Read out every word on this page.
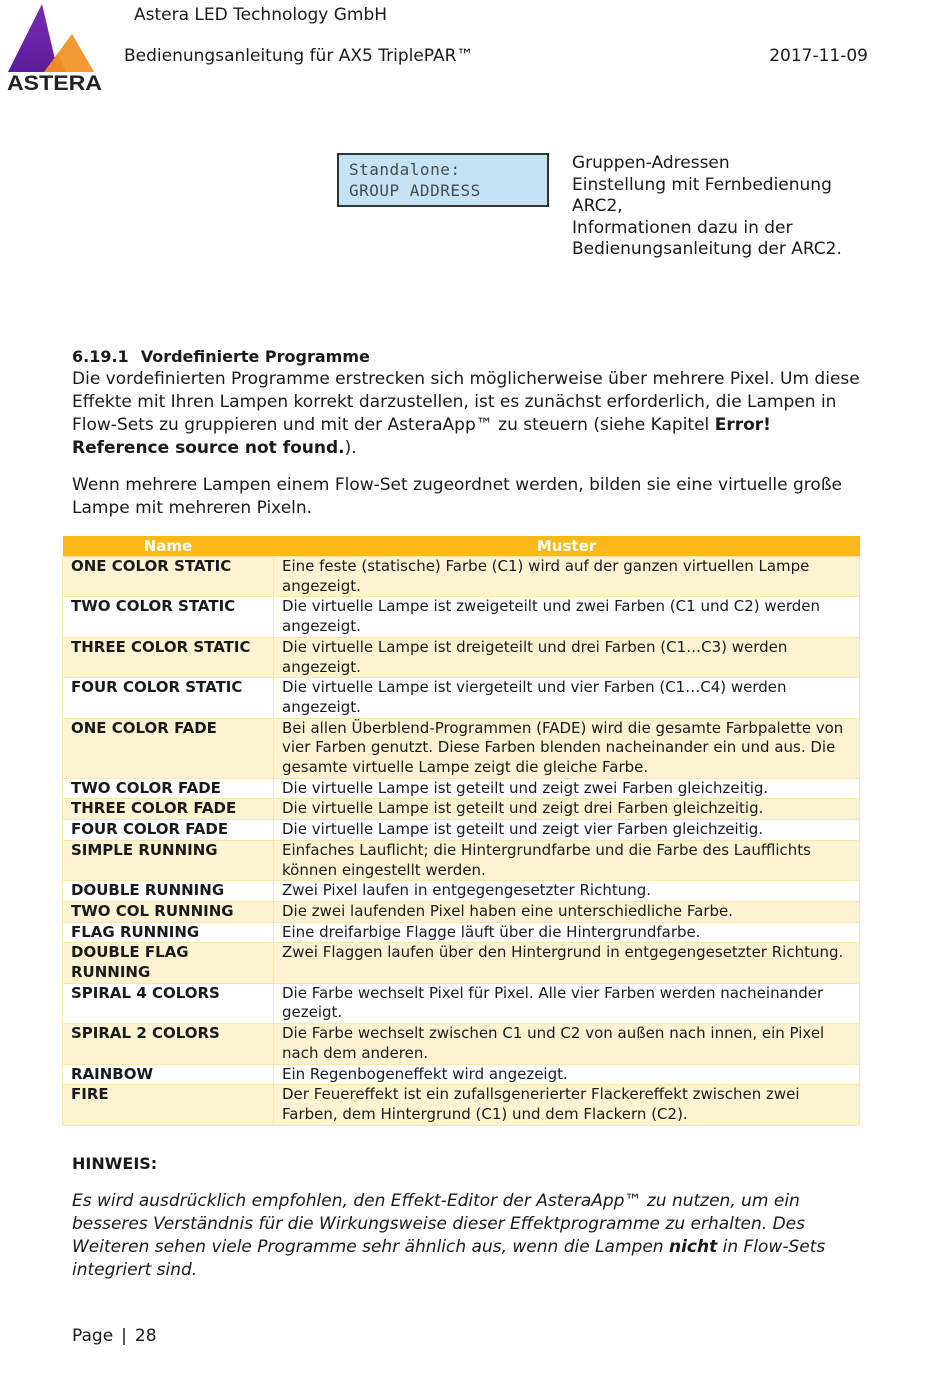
ASTERA
Astera LED Technology GmbH
Bedienungsanleitung für AX5 TriplePAR™	2017-11-09
Standalone:
GROUP ADDRESS
Gruppen-Adressen
Einstellung mit Fernbedienung
ARC2,
Informationen dazu in der
Bedienungsanleitung der ARC2.
6.19.1 Vordefinierte Programme

Die vordefinierten Programme erstrecken sich möglicherweise über mehrere Pixel. Um diese Effekte mit Ihren Lampen korrekt darzustellen, ist es zunächst erforderlich, die Lampen in Flow-Sets zu gruppieren und mit der AsteraApp™ zu steuern (siehe Kapitel Error! Reference source not found.).

Wenn mehrere Lampen einem Flow-Set zugeordnet werden, bilden sie eine virtuelle große Lampe mit mehreren Pixeln.

Name	Muster
ONE COLOR STATIC	Eine feste (statische) Farbe (C1) wird auf der ganzen virtuellen Lampe angezeigt.
TWO COLOR STATIC	Die virtuelle Lampe ist zweigeteilt und zwei Farben (C1 und C2) werden angezeigt.
THREE COLOR STATIC	Die virtuelle Lampe ist dreigeteilt und drei Farben (C1…C3) werden angezeigt.
FOUR COLOR STATIC	Die virtuelle Lampe ist viergeteilt und vier Farben (C1…C4) werden angezeigt.
ONE COLOR FADE	Bei allen Überblend-Programmen (FADE) wird die gesamte Farbpalette von vier Farben genutzt. Diese Farben blenden nacheinander ein und aus. Die gesamte virtuelle Lampe zeigt die gleiche Farbe.
TWO COLOR FADE	Die virtuelle Lampe ist geteilt und zeigt zwei Farben gleichzeitig.
THREE COLOR FADE	Die virtuelle Lampe ist geteilt und zeigt drei Farben gleichzeitig.
FOUR COLOR FADE	Die virtuelle Lampe ist geteilt und zeigt vier Farben gleichzeitig.
SIMPLE RUNNING	Einfaches Lauflicht; die Hintergrundfarbe und die Farbe des Laufflichts können eingestellt werden.
DOUBLE RUNNING	Zwei Pixel laufen in entgegengesetzter Richtung.
TWO COL RUNNING	Die zwei laufenden Pixel haben eine unterschiedliche Farbe.
FLAG RUNNING	Eine dreifarbige Flagge läuft über die Hintergrundfarbe.
DOUBLE FLAG RUNNING	Zwei Flaggen laufen über den Hintergrund in entgegengesetzter Richtung.
SPIRAL 4 COLORS	Die Farbe wechselt Pixel für Pixel. Alle vier Farben werden nacheinander gezeigt.
SPIRAL 2 COLORS	Die Farbe wechselt zwischen C1 und C2 von außen nach innen, ein Pixel nach dem anderen.
RAINBOW	Ein Regenbogeneffekt wird angezeigt.
FIRE	Der Feuereffekt ist ein zufallsgenerierter Flackereffekt zwischen zwei Farben, dem Hintergrund (C1) und dem Flackern (C2).
HINWEIS:
Es wird ausdrücklich empfohlen, den Effekt-Editor der AsteraApp™ zu nutzen, um ein besseres Verständnis für die Wirkungsweise dieser Effektprogramme zu erhalten. Des Weiteren sehen viele Programme sehr ähnlich aus, wenn die Lampen nicht in Flow-Sets integriert sind.
Page | 28
